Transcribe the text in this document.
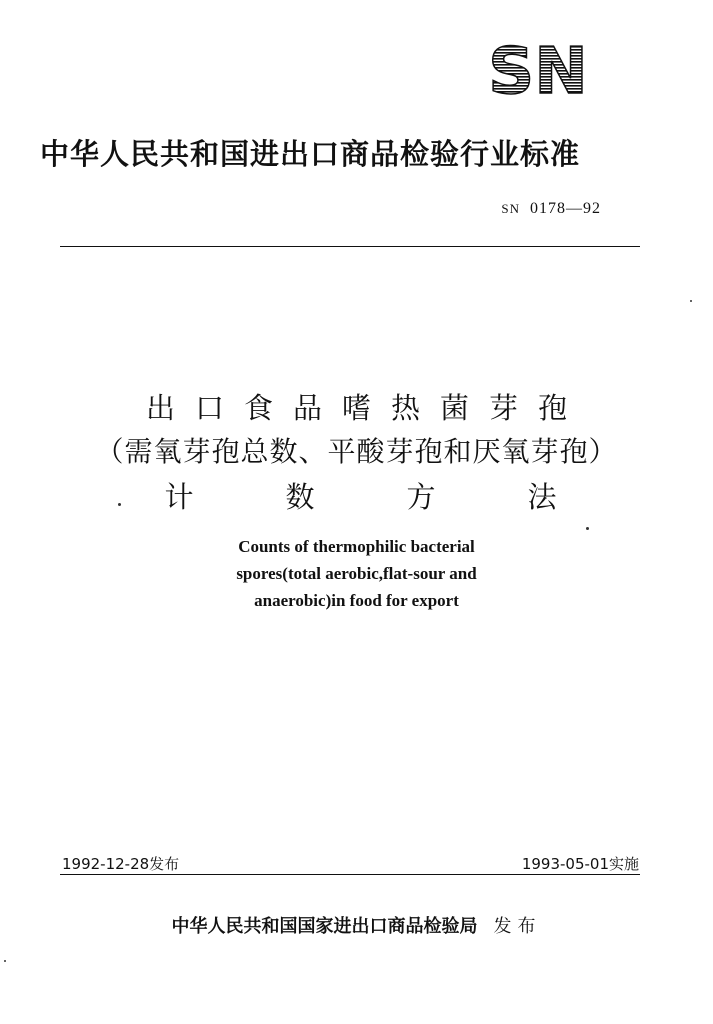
SN
中华人民共和国进出口商品检验行业标准
SN 0178—92
出口食品嗜热菌芽孢
（需氧芽孢总数、平酸芽孢和厌氧芽孢）
计数方法
Counts of thermophilic bacterial
spores(total aerobic,flat-sour and
anaerobic)in food for export
1992-12-28发布	1993-05-01实施
中华人民共和国国家进出口商品检验局 发布
